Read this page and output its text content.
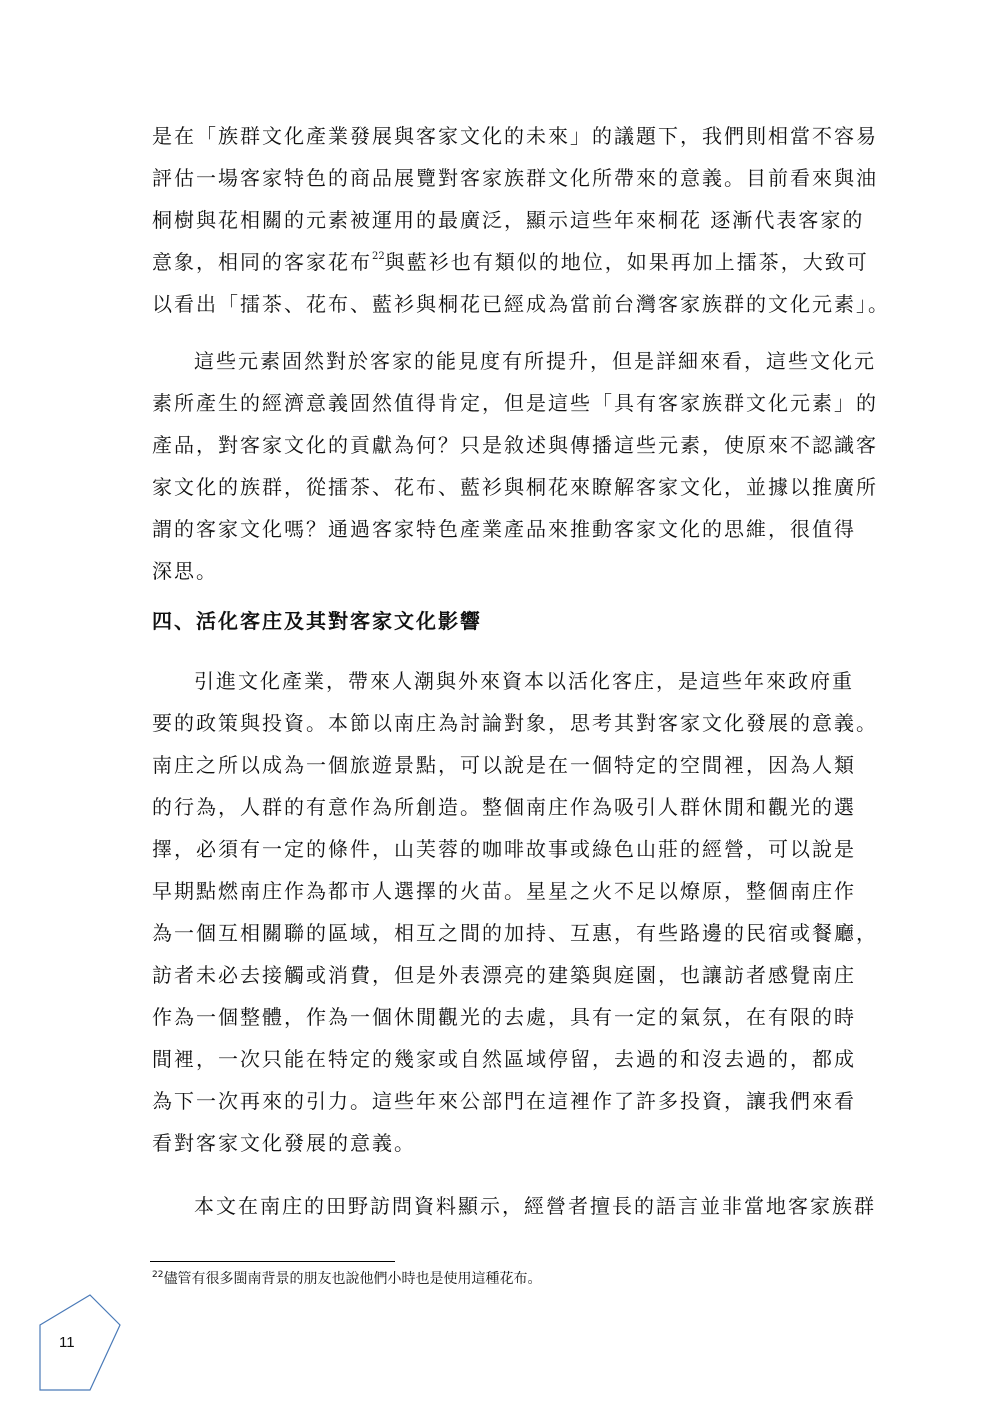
是在「族群文化產業發展與客家文化的未來」的議題下，我們則相當不容易
評估一場客家特色的商品展覽對客家族群文化所帶來的意義。目前看來與油
桐樹與花相關的元素被運用的最廣泛，顯示這些年來桐花 逐漸代表客家的
意象，相同的客家花布$^{22}$與藍衫也有類似的地位，如果再加上擂茶，大致可
以看出「擂茶、花布、藍衫與桐花已經成為當前台灣客家族群的文化元素」。

這些元素固然對於客家的能見度有所提升，但是詳細來看，這些文化元
素所產生的經濟意義固然值得肯定，但是這些「具有客家族群文化元素」的
產品，對客家文化的貢獻為何？只是敘述與傳播這些元素，使原來不認識客
家文化的族群，從擂茶、花布、藍衫與桐花來瞭解客家文化，並據以推廣所
謂的客家文化嗎？通過客家特色產業產品來推動客家文化的思維，很值得
深思。

四、活化客庄及其對客家文化影響

引進文化產業，帶來人潮與外來資本以活化客庄，是這些年來政府重
要的政策與投資。本節以南庄為討論對象，思考其對客家文化發展的意義。
南庄之所以成為一個旅遊景點，可以說是在一個特定的空間裡，因為人類
的行為，人群的有意作為所創造。整個南庄作為吸引人群休閒和觀光的選
擇，必須有一定的條件，山芙蓉的咖啡故事或綠色山莊的經營，可以說是
早期點燃南庄作為都市人選擇的火苗。星星之火不足以燎原，整個南庄作
為一個互相關聯的區域，相互之間的加持、互惠，有些路邊的民宿或餐廳，
訪者未必去接觸或消費，但是外表漂亮的建築與庭園，也讓訪者感覺南庄
作為一個整體，作為一個休閒觀光的去處，具有一定的氣氛，在有限的時
間裡，一次只能在特定的幾家或自然區域停留，去過的和沒去過的，都成
為下一次再來的引力。這些年來公部門在這裡作了許多投資，讓我們來看
看對客家文化發展的意義。

本文在南庄的田野訪問資料顯示，經營者擅長的語言並非當地客家族群

$^{22}$儘管有很多閩南背景的朋友也說他們小時也是使用這種花布。
11
